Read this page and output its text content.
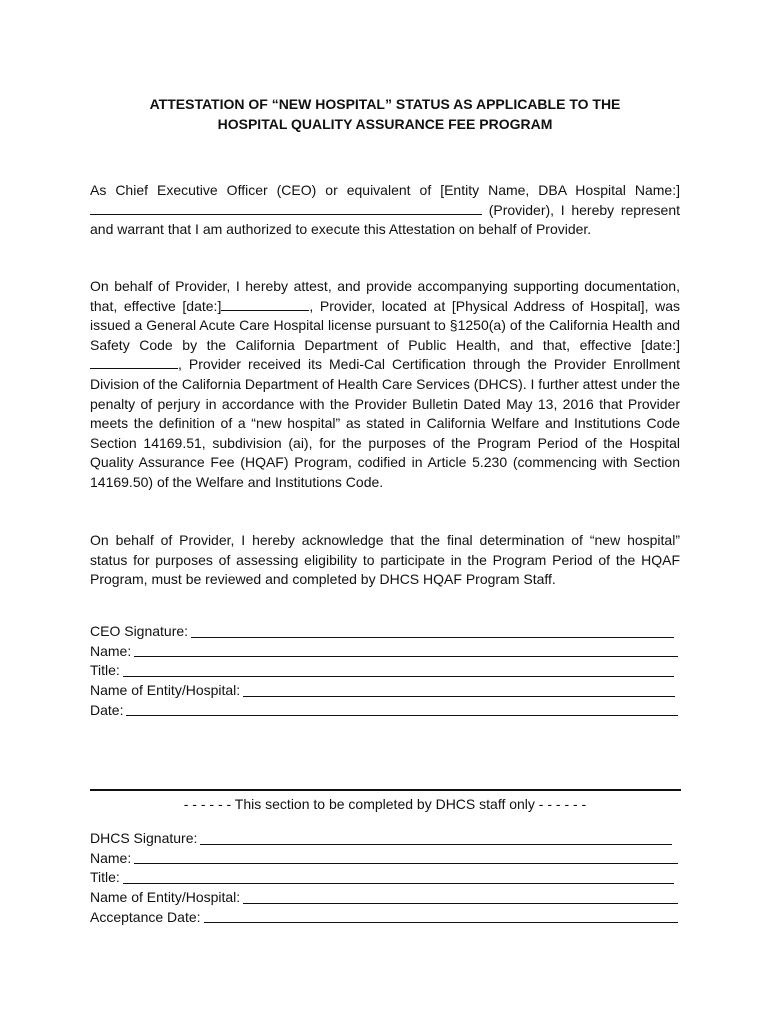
ATTESTATION OF “NEW HOSPITAL” STATUS AS APPLICABLE TO THE
HOSPITAL QUALITY ASSURANCE FEE PROGRAM

As Chief Executive Officer (CEO) or equivalent of [Entity Name, DBA Hospital Name:] (Provider), I hereby represent and warrant that I am authorized to execute this Attestation on behalf of Provider.

On behalf of Provider, I hereby attest, and provide accompanying supporting documentation, that, effective [date:]	, Provider, located at [Physical Address of Hospital], was issued a General Acute Care Hospital license pursuant to §1250(a) of the California Health and Safety Code by the California Department of Public Health, and that, effective [date:], Provider received its Medi-Cal Certification through the Provider Enrollment Division of the California Department of Health Care Services (DHCS). I further attest under the penalty of perjury in accordance with the Provider Bulletin Dated May 13, 2016 that Provider meets the definition of a “new hospital” as stated in California Welfare and Institutions Code Section 14169.51, subdivision (ai), for the purposes of the Program Period of the Hospital Quality Assurance Fee (HQAF) Program, codified in Article 5.230 (commencing with Section 14169.50) of the Welfare and Institutions Code.

On behalf of Provider, I hereby acknowledge that the final determination of “new hospital” status for purposes of assessing eligibility to participate in the Program Period of the HQAF Program, must be reviewed and completed by DHCS HQAF Program Staff.

CEO Signature:
Name:
Title:
Name of Entity/Hospital:
Date:
- - - - - - This section to be completed by DHCS staff only - - - - - -
DHCS Signature:
Name:
Title:
Name of Entity/Hospital:
Acceptance Date:
